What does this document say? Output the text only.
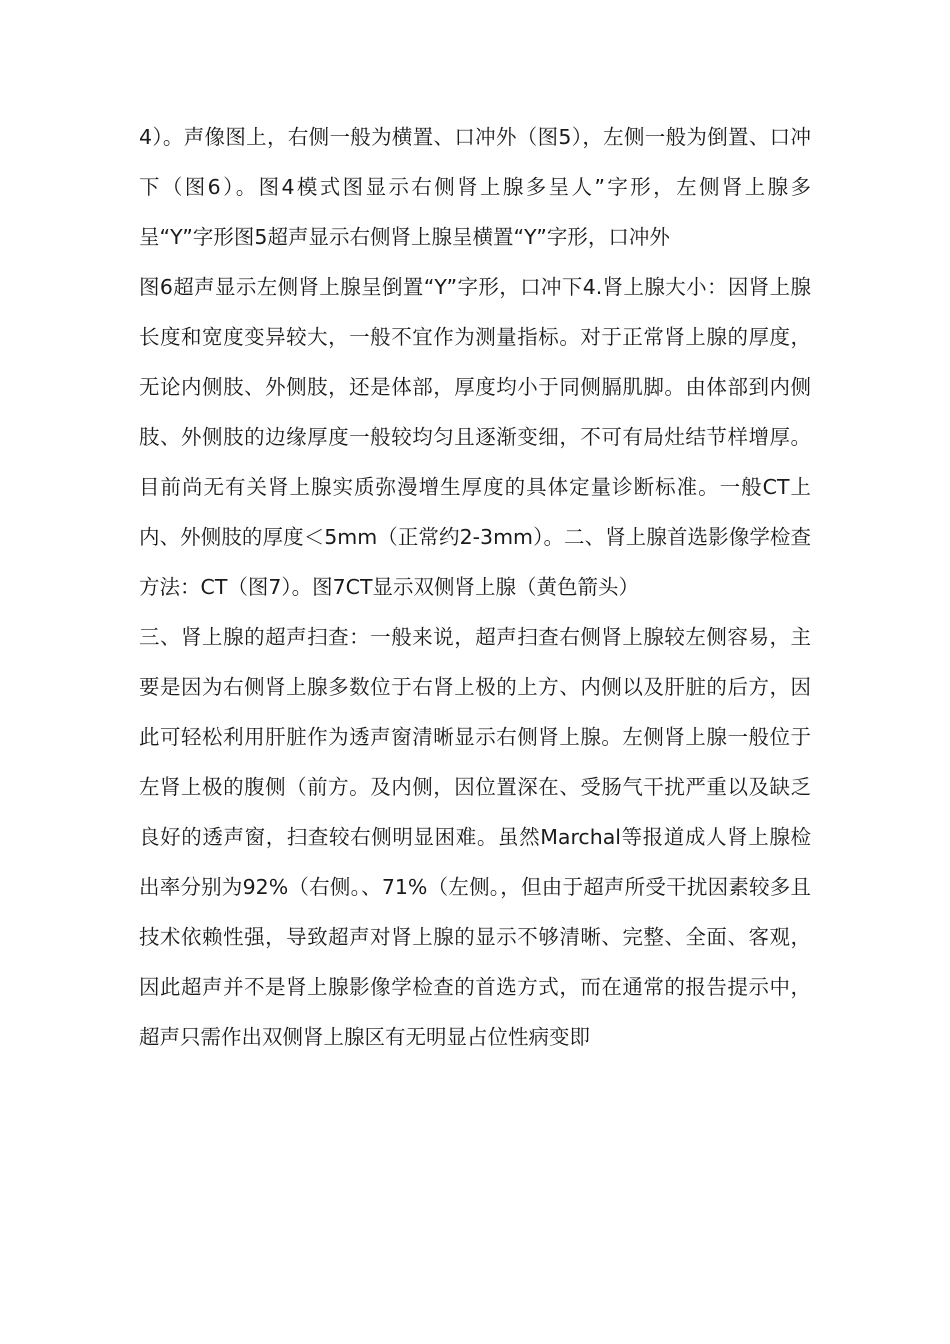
4）。声像图上，右侧一般为横置、口冲外（图5），左侧一般为倒置、口冲下（图6）。图4模式图显示右侧肾上腺多呈人”字形，左侧肾上腺多呈“Y”字形图5超声显示右侧肾上腺呈横置“Y”字形，口冲外

图6超声显示左侧肾上腺呈倒置“Y”字形，口冲下4.肾上腺大小：因肾上腺长度和宽度变异较大，一般不宜作为测量指标。对于正常肾上腺的厚度，无论内侧肢、外侧肢，还是体部，厚度均小于同侧膈肌脚。由体部到内侧肢、外侧肢的边缘厚度一般较均匀且逐渐变细，不可有局灶结节样增厚。目前尚无有关肾上腺实质弥漫增生厚度的具体定量诊断标准。一般CT上内、外侧肢的厚度＜5mm（正常约2-3mm）。二、肾上腺首选影像学检查方法：CT（图7）。图7CT显示双侧肾上腺（黄色箭头）

三、肾上腺的超声扫查：一般来说，超声扫查右侧肾上腺较左侧容易，主要是因为右侧肾上腺多数位于右肾上极的上方、内侧以及肝脏的后方，因此可轻松利用肝脏作为透声窗清晰显示右侧肾上腺。左侧肾上腺一般位于左肾上极的腹侧（前方。及内侧，因位置深在、受肠气干扰严重以及缺乏良好的透声窗，扫查较右侧明显困难。虽然Marchal等报道成人肾上腺检出率分别为92%（右侧。、71%（左侧。，但由于超声所受干扰因素较多且技术依赖性强，导致超声对肾上腺的显示不够清晰、完整、全面、客观，因此超声并不是肾上腺影像学检查的首选方式，而在通常的报告提示中，超声只需作出双侧肾上腺区有无明显占位性病变即
